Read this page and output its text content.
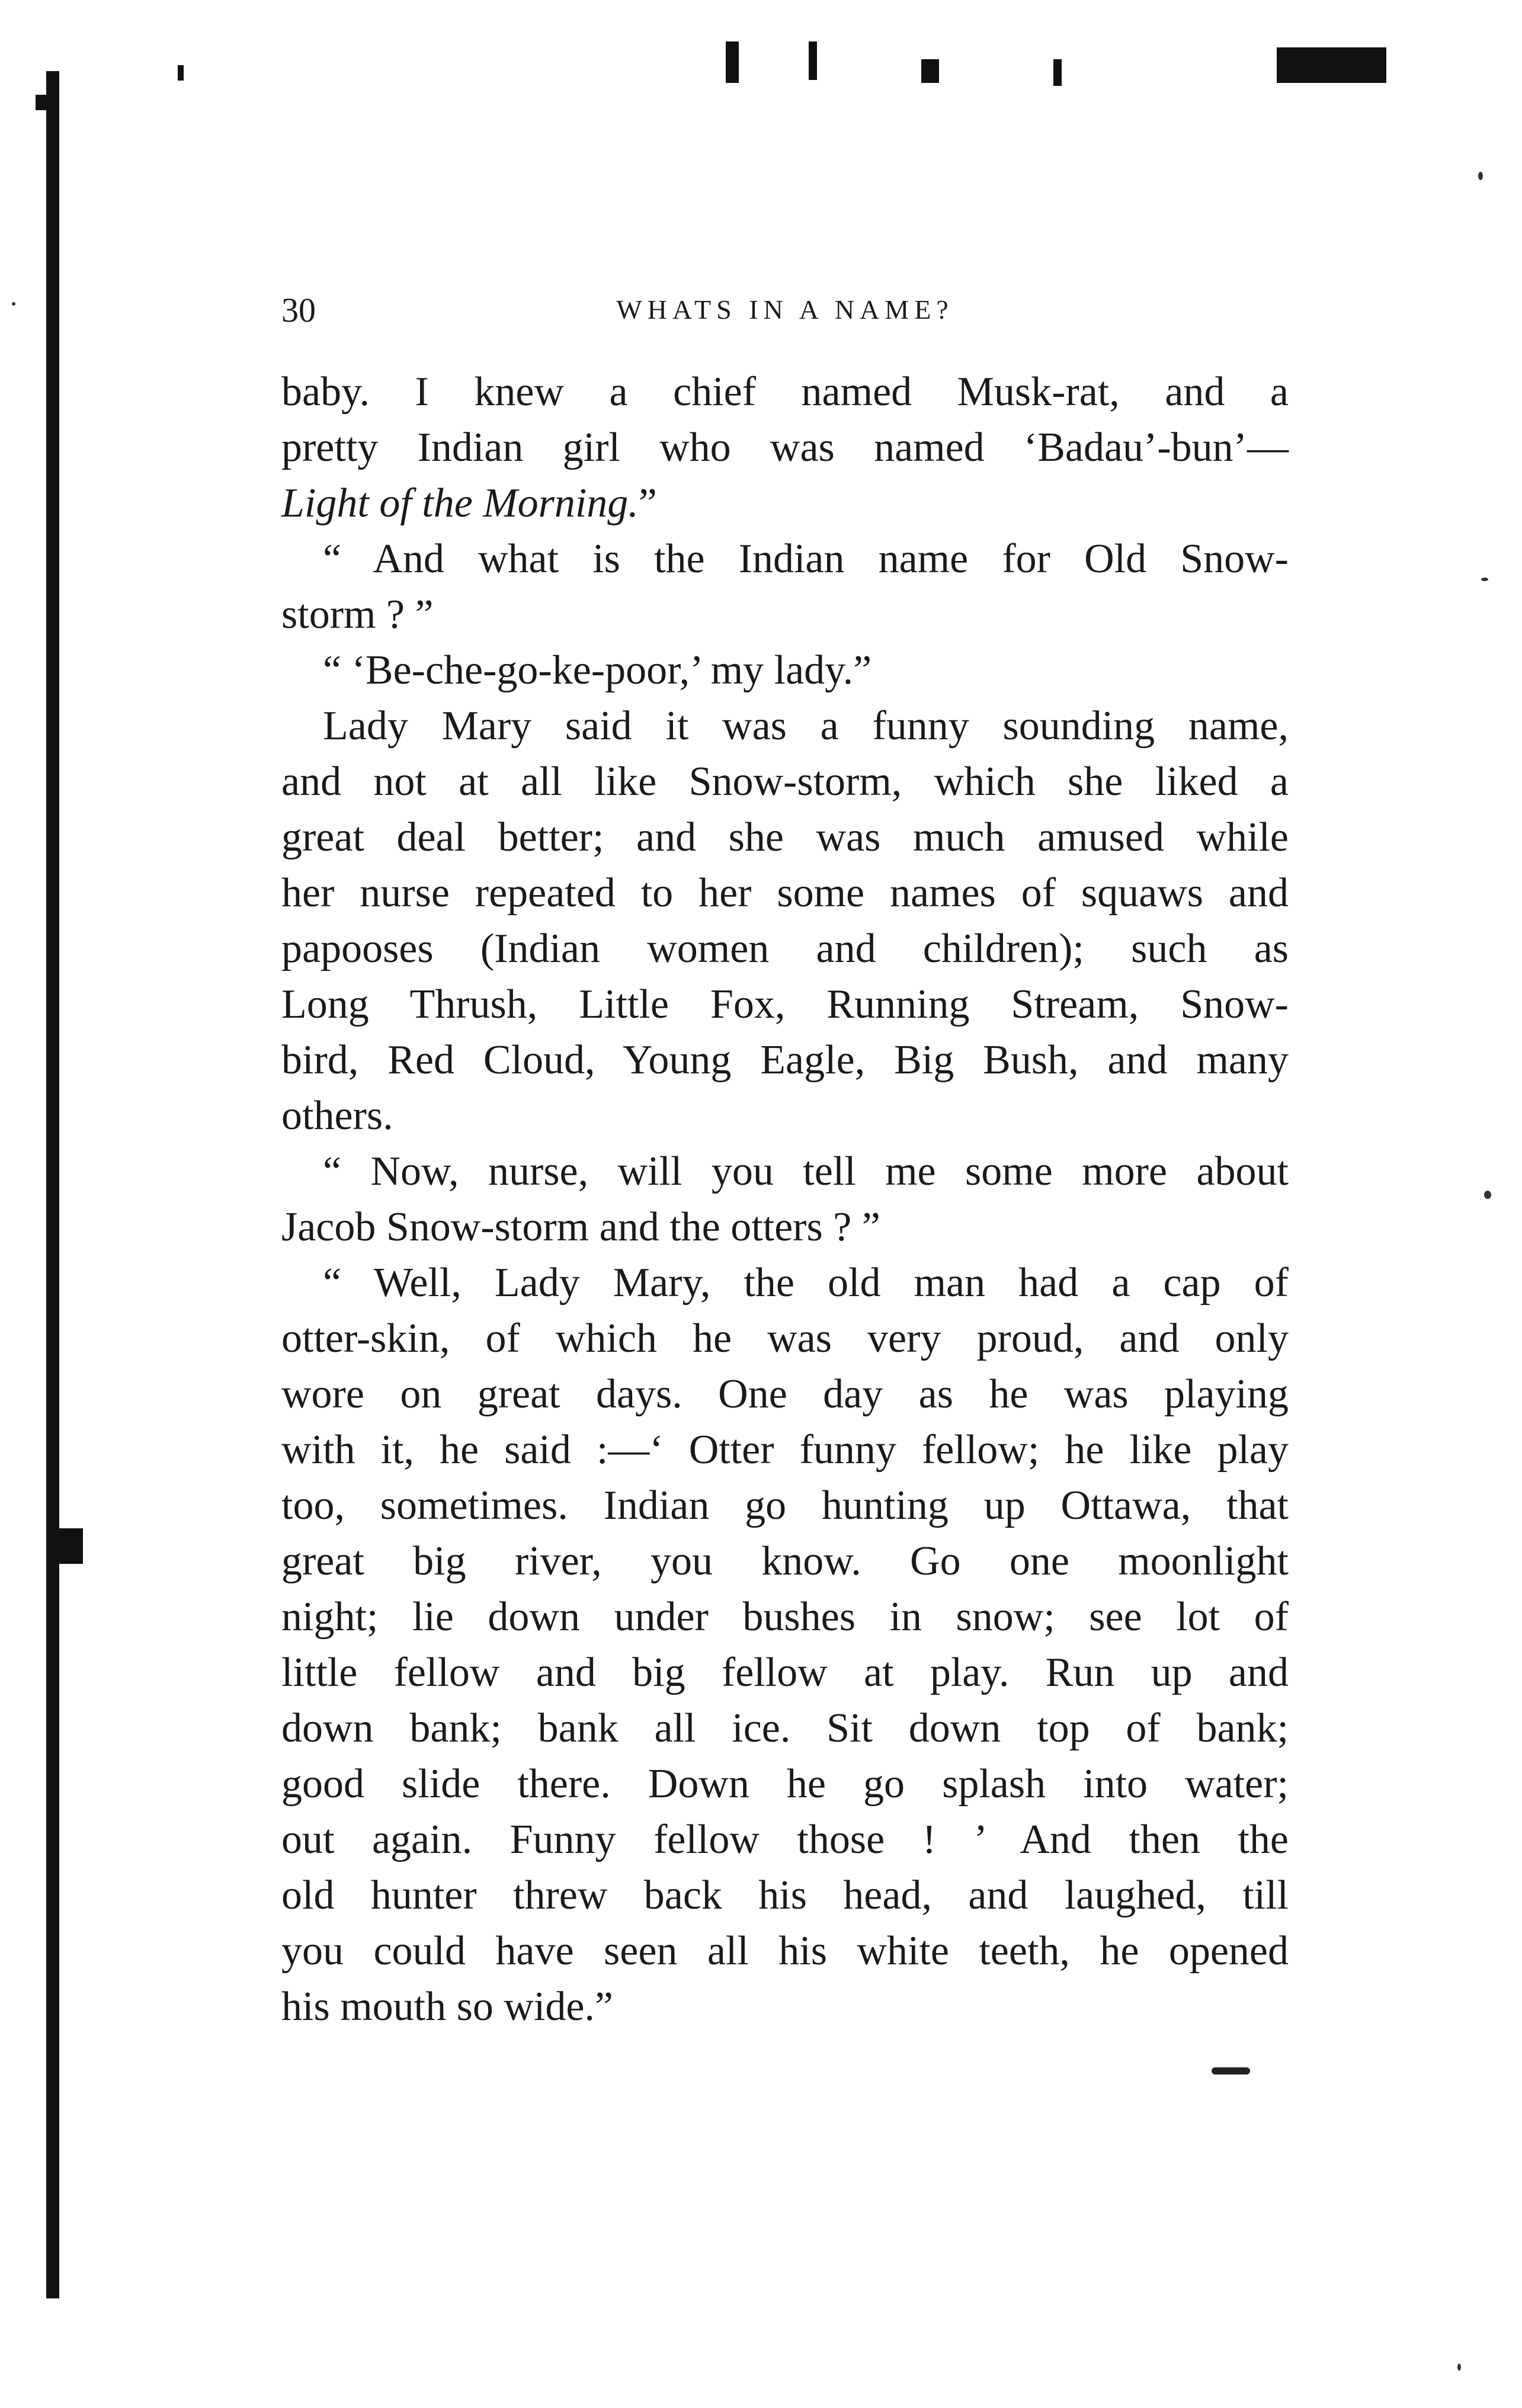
30	WHATS IN A NAME?
baby. I knew a chief named Musk-rat, and a
pretty Indian girl who was named ‘Badau’-bun’—
Light of the Morning.”
“ And what is the Indian name for Old Snow-
storm ? ”
“ ‘Be-che-go-ke-poor,’ my lady.”
Lady Mary said it was a funny sounding name,
and not at all like Snow-storm, which she liked a
great deal better; and she was much amused while
her nurse repeated to her some names of squaws and
papooses (Indian women and children); such as
Long Thrush, Little Fox, Running Stream, Snow-
bird, Red Cloud, Young Eagle, Big Bush, and many
others.
“ Now, nurse, will you tell me some more about
Jacob Snow-storm and the otters ? ”
“ Well, Lady Mary, the old man had a cap of
otter-skin, of which he was very proud, and only
wore on great days. One day as he was playing
with it, he said :—‘ Otter funny fellow; he like play
too, sometimes. Indian go hunting up Ottawa, that
great big river, you know. Go one moonlight
night; lie down under bushes in snow; see lot of
little fellow and big fellow at play. Run up and
down bank; bank all ice. Sit down top of bank;
good slide there. Down he go splash into water;
out again. Funny fellow those ! ’ And then the
old hunter threw back his head, and laughed, till
you could have seen all his white teeth, he opened
his mouth so wide.”
